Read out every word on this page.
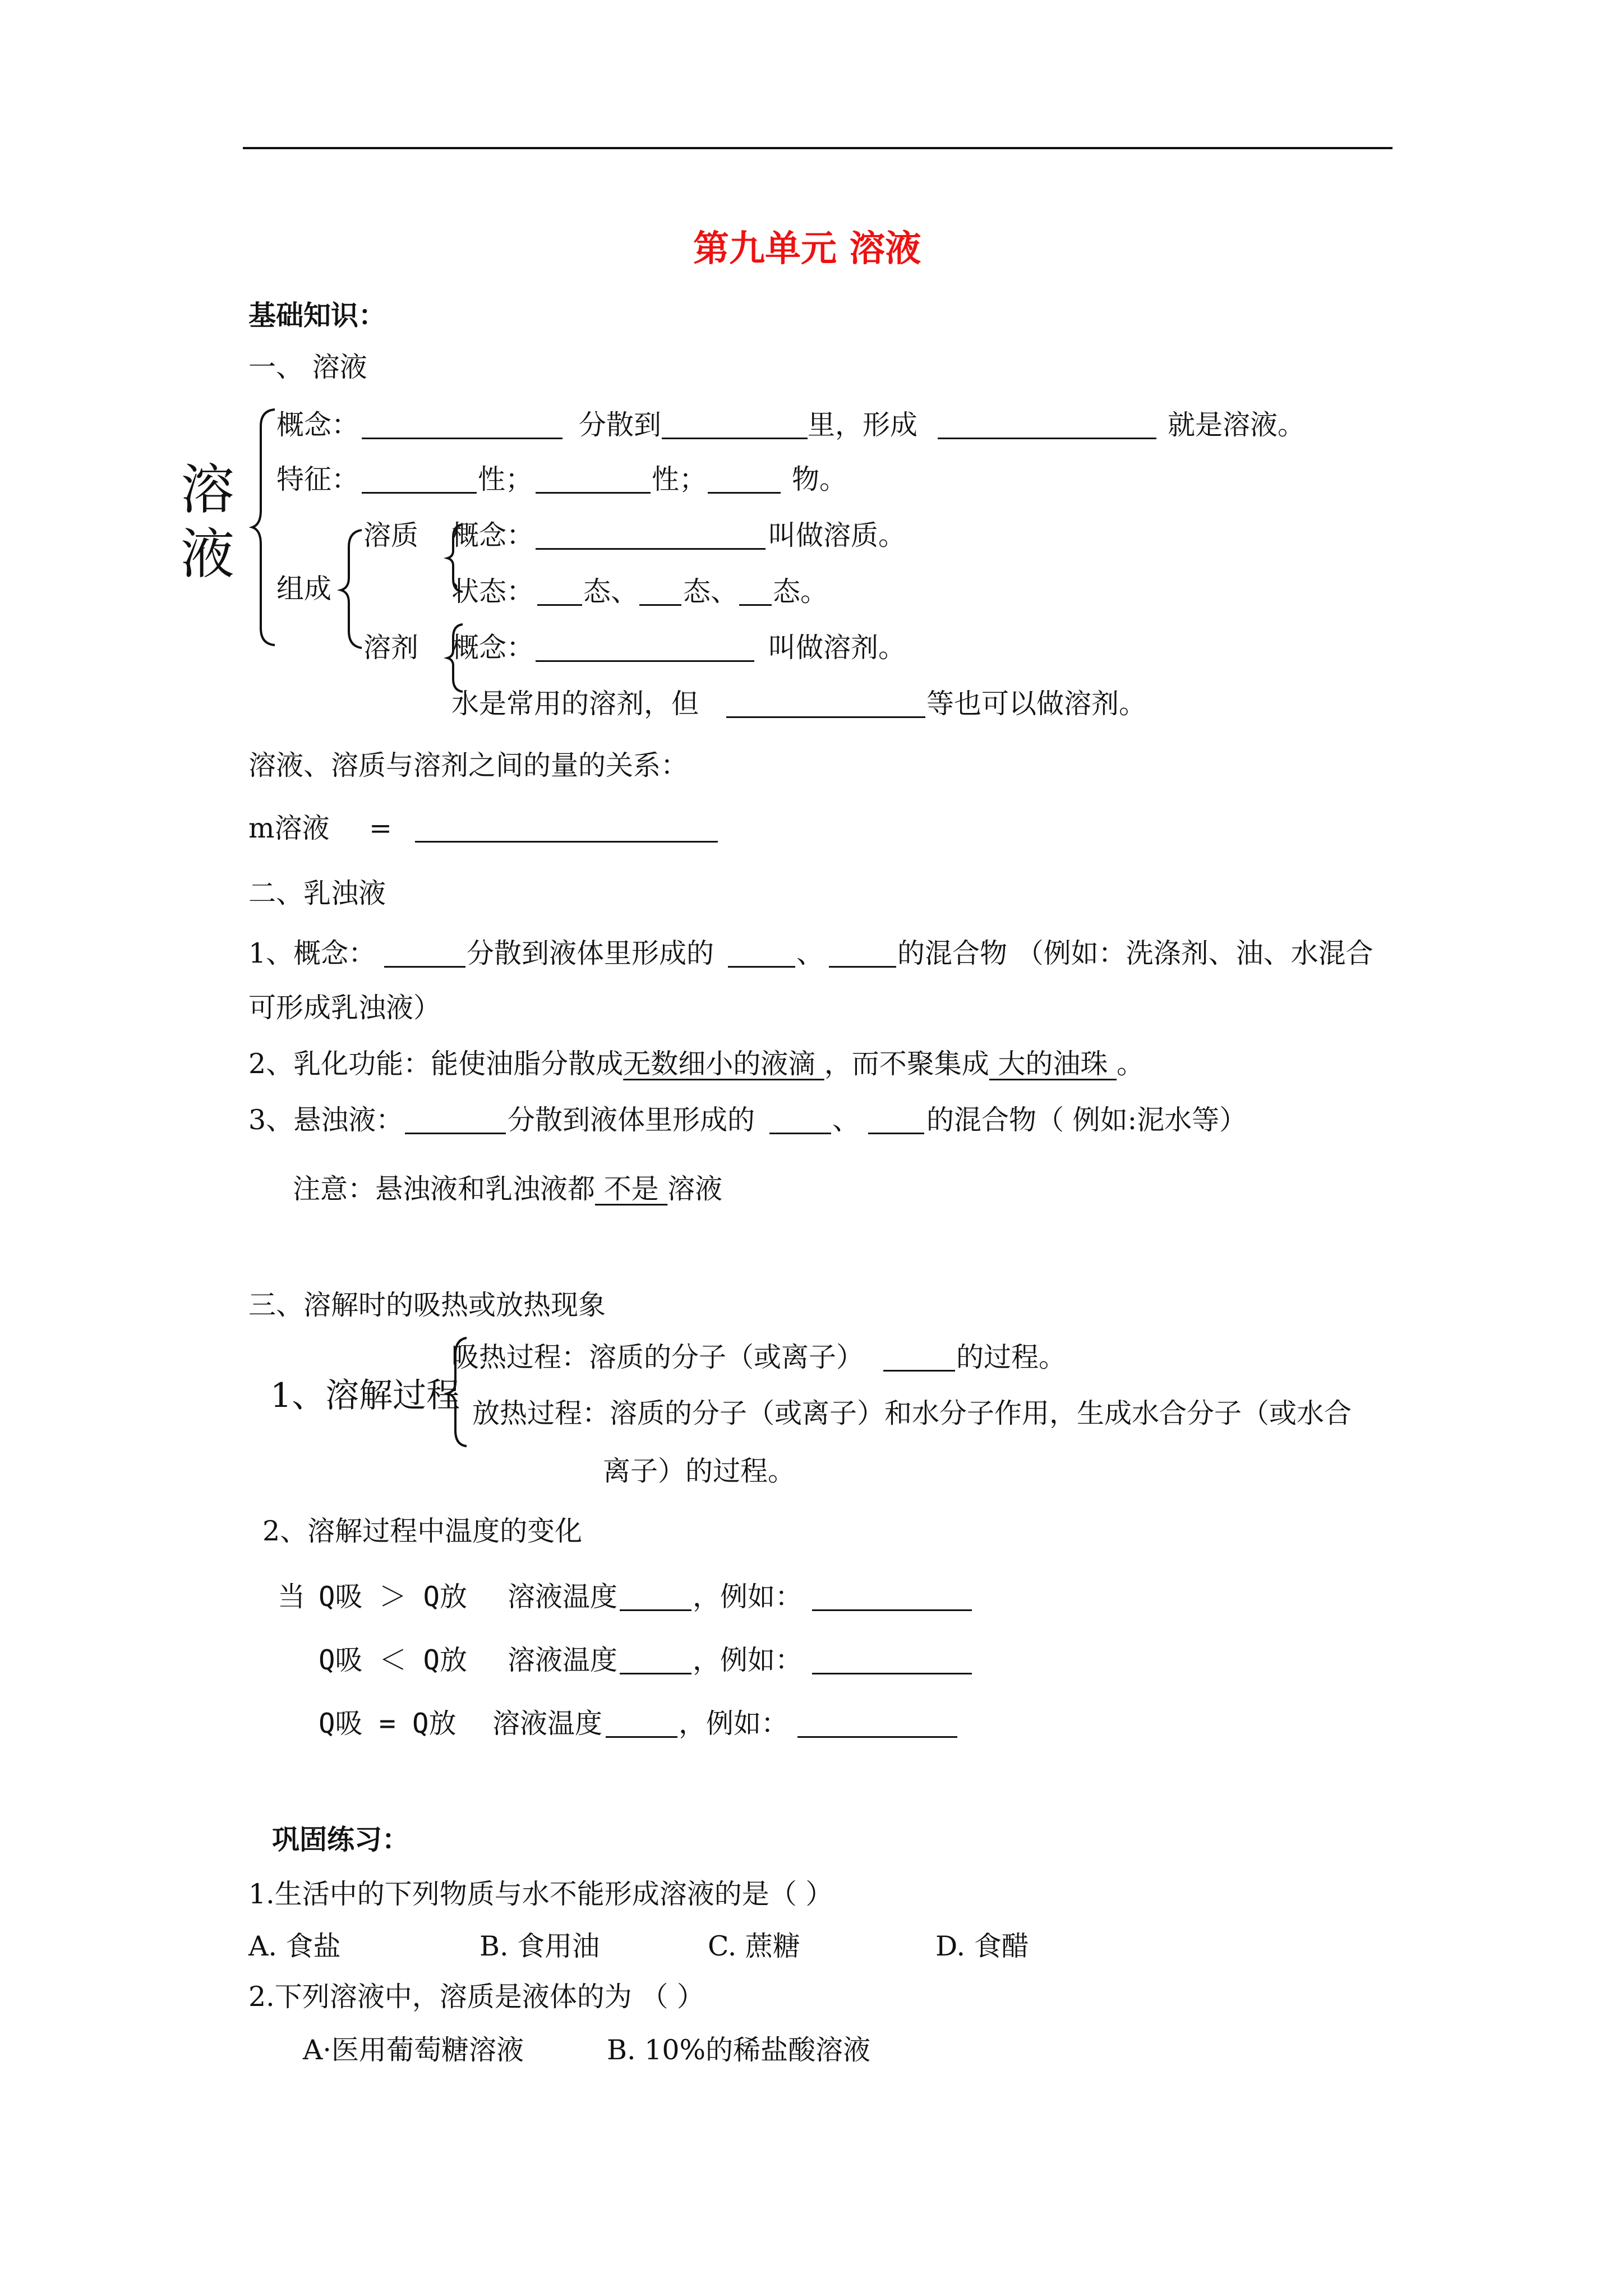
第九单元 溶液
基础知识：
一、 溶液
溶
液
概念：	分散到	里，形成	就是溶液。
特征：	性；	性；	物。
组成
溶质 概念：	叫做溶质。
状态： 态、 态、 态。
溶剂 概念：	叫做溶剂。
水是常用的溶剂，但	等也可以做溶剂。
溶液、溶质与溶剂之间的量的关系：
m溶液 =
二、乳浊液
1、概念：	分散到液体里形成的	、	的混合物 （例如：洗涤剂、油、水混合
可形成乳浊液）
2、乳化功能：能使油脂分散成无数细小的液滴 ，而不聚集成 大的油珠 。
3、悬浊液：	分散到液体里形成的	、 的混合物（ 例如:泥水等）
注意：悬浊液和乳浊液都 不是 溶液
三、溶解时的吸热或放热现象
1、溶解过程
吸热过程：溶质的分子（或离子）	的过程。
放热过程：溶质的分子（或离子）和水分子作用，生成水合分子（或水合
离子）的过程。
2、溶解过程中温度的变化
当 Q吸 ＞ Q放 溶液温度	，例如：
Q吸 ＜ Q放 溶液温度	，例如：
Q吸 = Q放 溶液温度	，例如：
巩固练习：
1.生活中的下列物质与水不能形成溶液的是（ ）
A. 食盐	B. 食用油	C. 蔗糖	D. 食醋
2.下列溶液中，溶质是液体的为 （ ）
A·医用葡萄糖溶液	B. 10%的稀盐酸溶液
